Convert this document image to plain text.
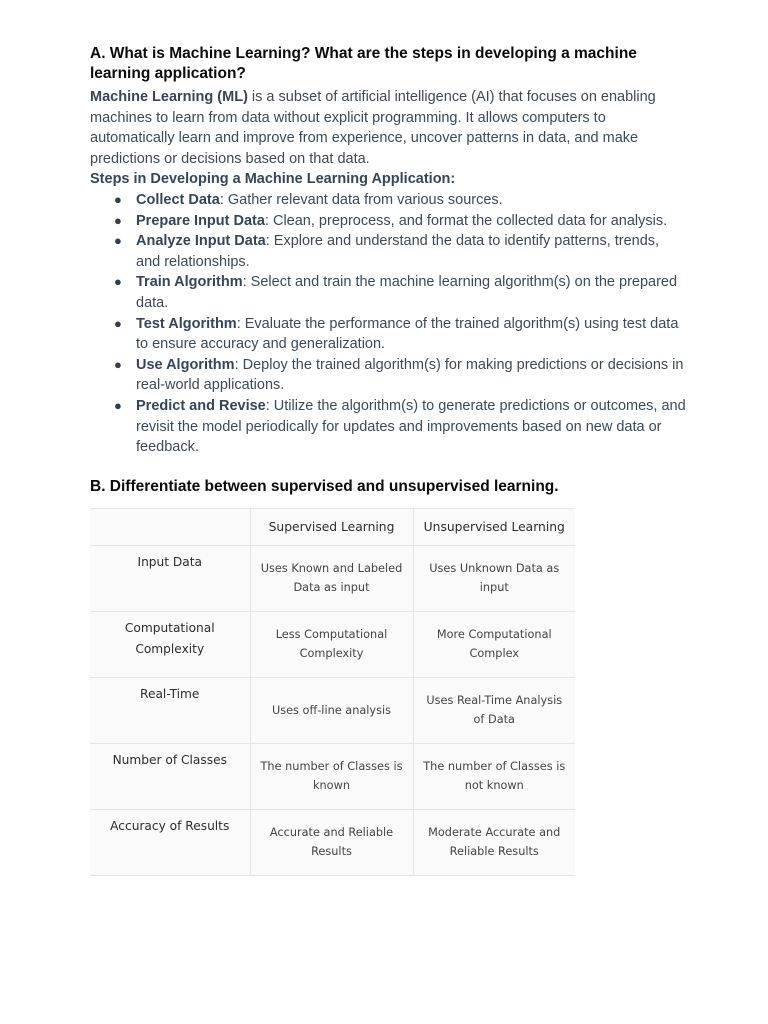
A. What is Machine Learning? What are the steps in developing a machine learning application?

Machine Learning (ML) is a subset of artificial intelligence (AI) that focuses on enabling machines to learn from data without explicit programming. It allows computers to automatically learn and improve from experience, uncover patterns in data, and make predictions or decisions based on that data.

Steps in Developing a Machine Learning Application:

● Collect Data: Gather relevant data from various sources.
● Prepare Input Data: Clean, preprocess, and format the collected data for analysis.
● Analyze Input Data: Explore and understand the data to identify patterns, trends, and relationships.
● Train Algorithm: Select and train the machine learning algorithm(s) on the prepared data.
● Test Algorithm: Evaluate the performance of the trained algorithm(s) using test data to ensure accuracy and generalization.
● Use Algorithm: Deploy the trained algorithm(s) for making predictions or decisions in real-world applications.
● Predict and Revise: Utilize the algorithm(s) to generate predictions or outcomes, and revisit the model periodically for updates and improvements based on new data or feedback.
B. Differentiate between supervised and unsupervised learning.
	Supervised Learning	Unsupervised Learning
Input Data	Uses Known and Labeled Data as input	Uses Unknown Data as input
Computational Complexity	Less Computational Complexity	More Computational Complex
Real-Time	Uses off-line analysis	Uses Real-Time Analysis of Data
Number of Classes	The number of Classes is known	The number of Classes is not known
Accuracy of Results	Accurate and Reliable Results	Moderate Accurate and Reliable Results
